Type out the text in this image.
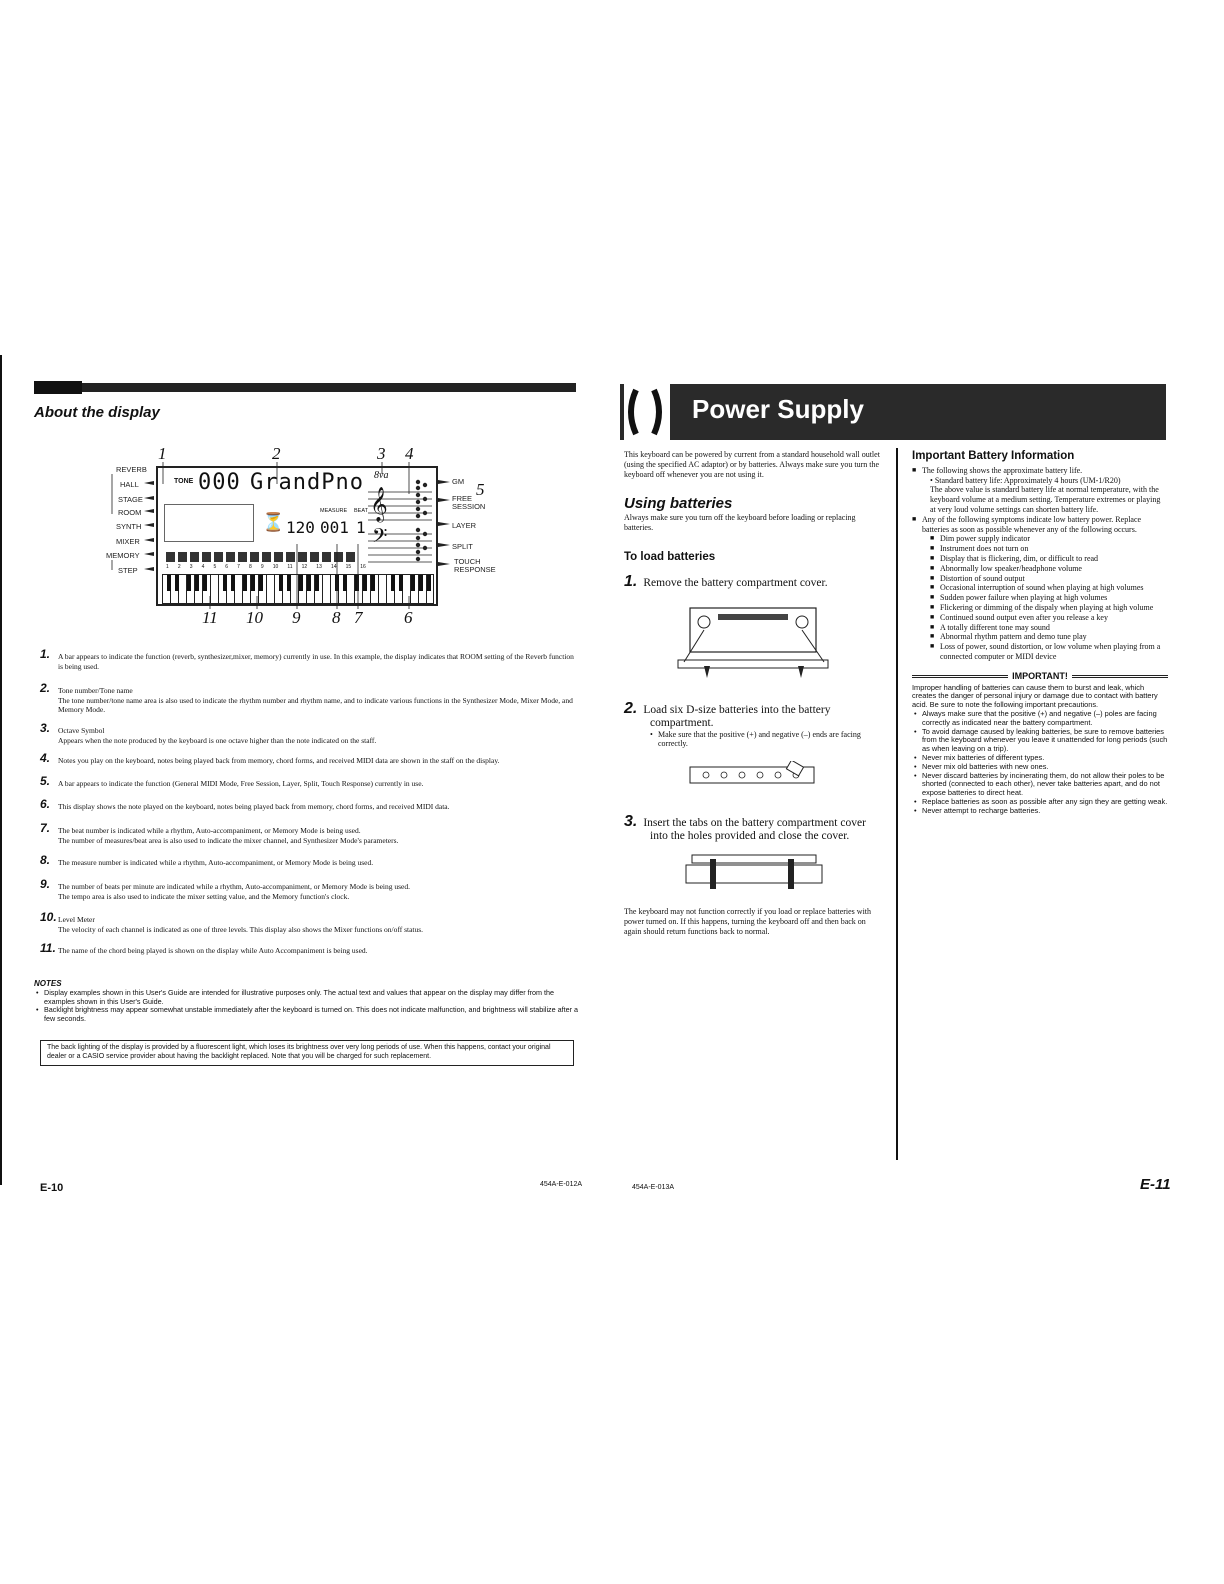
About the display
1	2	3 4
5
REVERB
HALL
STAGE
ROOM
SYNTH
MIXER
MEMORY
STEP
GM
FREE SESSION
LAYER
SPLIT
TOUCH RESPONSE
TONE 000 GrandPno
MEASURE BEAT
⏳ 120 001 1
8va
𝄞
𝄢
1 2 3 4 5 6 7 8 9 10 11 12 13 14 15 16
11 10 9 8 7 6
1. A bar appears to indicate the function (reverb, synthesizer,mixer, memory) currently in use. In this example, the display indicates that ROOM setting of the Reverb function is being used.
2. Tone number/Tone name
The tone number/tone name area is also used to indicate the rhythm number and rhythm name, and to indicate various functions in the Synthesizer Mode, Mixer Mode, and Memory Mode.
3. Octave Symbol
Appears when the note produced by the keyboard is one octave higher than the note indicated on the staff.
4. Notes you play on the keyboard, notes being played back from memory, chord forms, and received MIDI data are shown in the staff on the display.
5. A bar appears to indicate the function (General MIDI Mode, Free Session, Layer, Split, Touch Response) currently in use.
6. This display shows the note played on the keyboard, notes being played back from memory, chord forms, and received MIDI data.
7. The beat number is indicated while a rhythm, Auto-accompaniment, or Memory Mode is being used.
The number of measures/beat area is also used to indicate the mixer channel, and Synthesizer Mode's parameters.
8. The measure number is indicated while a rhythm, Auto-accompaniment, or Memory Mode is being used.
9. The number of beats per minute are indicated while a rhythm, Auto-accompaniment, or Memory Mode is being used.
The tempo area is also used to indicate the mixer setting value, and the Memory function's clock.
10. Level Meter
The velocity of each channel is indicated as one of three levels. This display also shows the Mixer functions on/off status.
11. The name of the chord being played is shown on the display while Auto Accompaniment is being used.
NOTES
• Display examples shown in this User's Guide are intended for illustrative purposes only. The actual text and values that appear on the display may differ from the examples shown in this User's Guide.
• Backlight brightness may appear somewhat unstable immediately after the keyboard is turned on. This does not indicate malfunction, and brightness will stabilize after a few seconds.
The back lighting of the display is provided by a fluorescent light, which loses its brightness over very long periods of use. When this happens, contact your original dealer or a CASIO service provider about having the backlight replaced. Note that you will be charged for such replacement.
E-10	454A-E-012A
Power Supply

This keyboard can be powered by current from a standard household wall outlet (using the specified AC adaptor) or by batteries. Always make sure you turn the keyboard off whenever you are not using it.

Using batteries

Always make sure you turn off the keyboard before loading or replacing batteries.

To load batteries
1. Remove the battery compartment cover.
2. Load six D-size batteries into the battery compartment.
• Make sure that the positive (+) and negative (–) ends are facing correctly.
3. Insert the tabs on the battery compartment cover into the holes provided and close the cover.

The keyboard may not function correctly if you load or replace batteries with power turned on. If this happens, turning the keyboard off and then back on again should return functions back to normal.

Important Battery Information
■ The following shows the approximate battery life.
• Standard battery life: Approximately 4 hours (UM-1/R20)
The above value is standard battery life at normal temperature, with the keyboard volume at a medium setting. Temperature extremes or playing at very loud volume settings can shorten battery life.
■ Any of the following symptoms indicate low battery power. Replace batteries as soon as possible whenever any of the following occurs.
■ Dim power supply indicator
■ Instrument does not turn on
■ Display that is flickering, dim, or difficult to read
■ Abnormally low speaker/headphone volume
■ Distortion of sound output
■ Occasional interruption of sound when playing at high volumes
■ Sudden power failure when playing at high volumes
■ Flickering or dimming of the dispaly when playing at high volume
■ Continued sound output even after you release a key
■ A totally different tone may sound
■ Abnormal rhythm pattern and demo tune play
■ Loss of power, sound distortion, or low volume when playing from a connected computer or MIDI device
IMPORTANT!
Improper handling of batteries can cause them to burst and leak, which creates the danger of personal injury or damage due to contact with battery acid. Be sure to note the following important precautions.
• Always make sure that the positive (+) and negative (–) poles are facing correctly as indicated near the battery compartment.
• To avoid damage caused by leaking batteries, be sure to remove batteries from the keyboard whenever you leave it unattended for long periods (such as when leaving on a trip).
• Never mix batteries of different types.
• Never mix old batteries with new ones.
• Never discard batteries by incinerating them, do not allow their poles to be shorted (connected to each other), never take batteries apart, and do not expose batteries to direct heat.
• Replace batteries as soon as possible after any sign they are getting weak.
• Never attempt to recharge batteries.
454A-E-013A	E-11
